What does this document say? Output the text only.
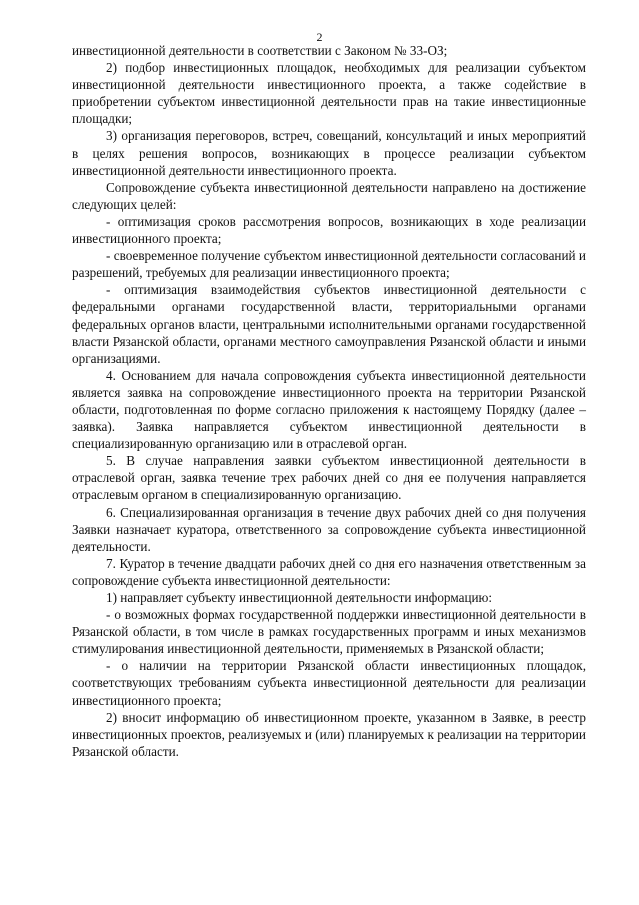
2

инвестиционной деятельности в соответствии с Законом № 33-ОЗ;

2) подбор инвестиционных площадок, необходимых для реализации субъектом инвестиционной деятельности инвестиционного проекта, а также содействие в приобретении субъектом инвестиционной деятельности прав на такие инвестиционные площадки;

3) организация переговоров, встреч, совещаний, консультаций и иных мероприятий в целях решения вопросов, возникающих в процессе реализации субъектом инвестиционной деятельности инвестиционного проекта.

Сопровождение субъекта инвестиционной деятельности направлено на достижение следующих целей:

- оптимизация сроков рассмотрения вопросов, возникающих в ходе реализации инвестиционного проекта;

- своевременное получение субъектом инвестиционной деятельности согласований и разрешений, требуемых для реализации инвестиционного проекта;

- оптимизация взаимодействия субъектов инвестиционной деятельности с федеральными органами государственной власти, территориальными органами федеральных органов власти, центральными исполнительными органами государственной власти Рязанской области, органами местного самоуправления Рязанской области и иными организациями.

4. Основанием для начала сопровождения субъекта инвестиционной деятельности является заявка на сопровождение инвестиционного проекта на территории Рязанской области, подготовленная по форме согласно приложения к настоящему Порядку (далее – заявка). Заявка направляется субъектом инвестиционной деятельности в специализированную организацию или в отраслевой орган.

5. В случае направления заявки субъектом инвестиционной деятельности в отраслевой орган, заявка течение трех рабочих дней со дня ее получения направляется отраслевым органом в специализированную организацию.

6. Специализированная организация в течение двух рабочих дней со дня получения Заявки назначает куратора, ответственного за сопровождение субъекта инвестиционной деятельности.

7. Куратор в течение двадцати рабочих дней со дня его назначения ответственным за сопровождение субъекта инвестиционной деятельности:

1) направляет субъекту инвестиционной деятельности информацию:

- о возможных формах государственной поддержки инвестиционной деятельности в Рязанской области, в том числе в рамках государственных программ и иных механизмов стимулирования инвестиционной деятельности, применяемых в Рязанской области;

- о наличии на территории Рязанской области инвестиционных площадок, соответствующих требованиям субъекта инвестиционной деятельности для реализации инвестиционного проекта;

2) вносит информацию об инвестиционном проекте, указанном в Заявке, в реестр инвестиционных проектов, реализуемых и (или) планируемых к реализации на территории Рязанской области.
